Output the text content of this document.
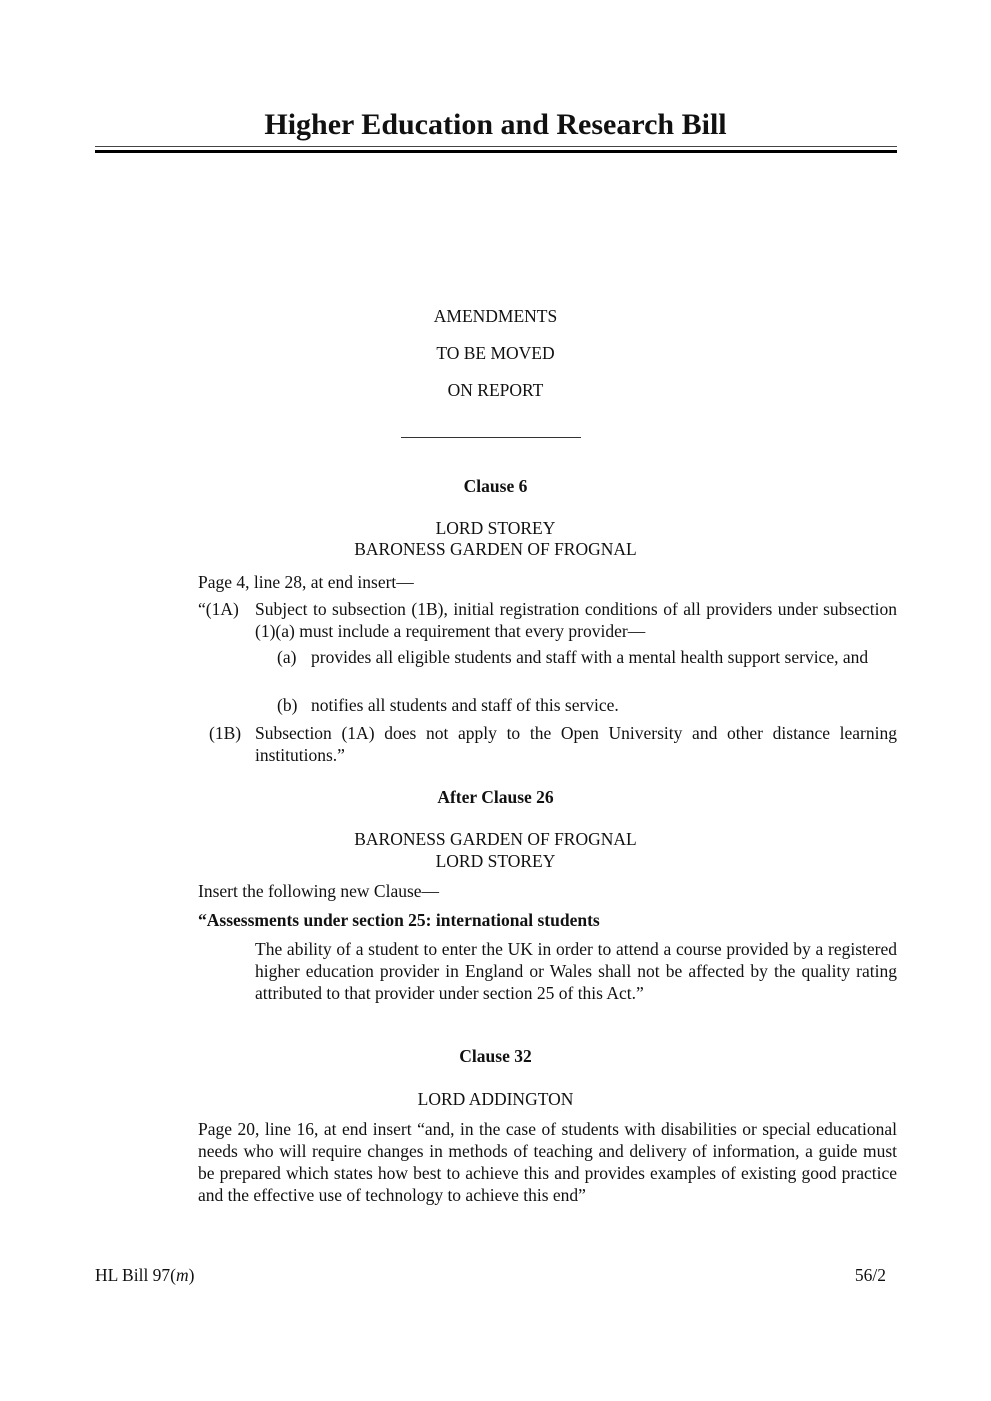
Higher Education and Research Bill
AMENDMENTS
TO BE MOVED
ON REPORT
Clause 6
LORD STOREY
BARONESS GARDEN OF FROGNAL
Page 4, line 28, at end insert—
“(1A) Subject to subsection (1B), initial registration conditions of all providers under subsection (1)(a) must include a requirement that every provider—
(a) provides all eligible students and staff with a mental health support service, and
(b) notifies all students and staff of this service.
(1B) Subsection (1A) does not apply to the Open University and other distance learning institutions.”
After Clause 26
BARONESS GARDEN OF FROGNAL
LORD STOREY
Insert the following new Clause—
“Assessments under section 25: international students
The ability of a student to enter the UK in order to attend a course provided by a registered higher education provider in England or Wales shall not be affected by the quality rating attributed to that provider under section 25 of this Act.”
Clause 32
LORD ADDINGTON
Page 20, line 16, at end insert “and, in the case of students with disabilities or special educational needs who will require changes in methods of teaching and delivery of information, a guide must be prepared which states how best to achieve this and provides examples of existing good practice and the effective use of technology to achieve this end”
HL Bill 97(m)	56/2
